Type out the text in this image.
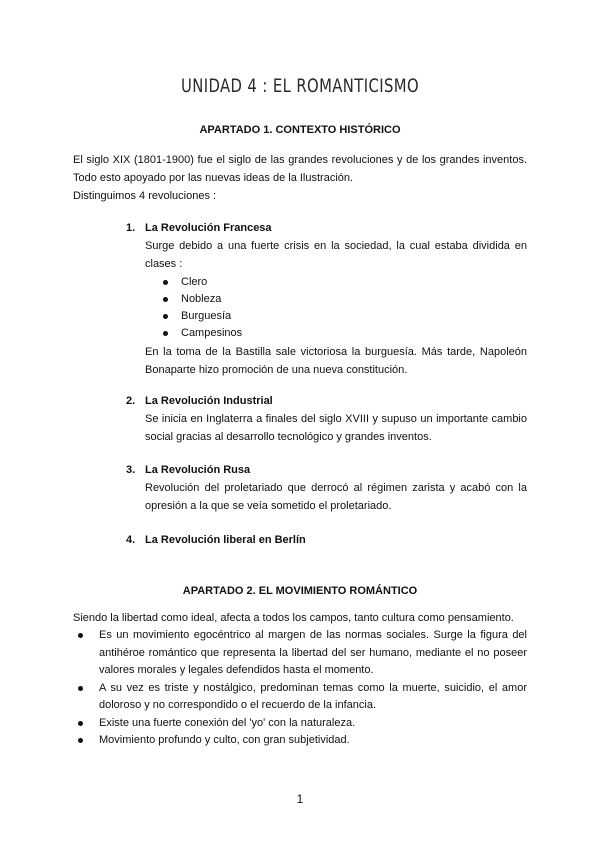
UNIDAD 4 : EL ROMANTICISMO
APARTADO 1. CONTEXTO HISTÓRICO

El siglo XIX (1801-1900) fue el siglo de las grandes revoluciones y de los grandes inventos. Todo esto apoyado por las nuevas ideas de la Ilustración.

Distinguimos 4 revoluciones :

1. La Revolución Francesa

Surge debido a una fuerte crisis en la sociedad, la cual estaba dividida en clases :

Clero
Nobleza
Burguesía
Campesinos

En la toma de la Bastilla sale victoriosa la burguesía. Más tarde, Napoleón Bonaparte hizo promoción de una nueva constitución.

2. La Revolución Industrial

Se inicia en Inglaterra a finales del siglo XVIII y supuso un importante cambio social gracias al desarrollo tecnológico y grandes inventos.

3. La Revolución Rusa

Revolución del proletariado que derrocó al régimen zarista y acabó con la opresión a la que se veía sometido el proletariado.

4. La Revolución liberal en Berlín
APARTADO 2. EL MOVIMIENTO ROMÁNTICO

Siendo la libertad como ideal, afecta a todos los campos, tanto cultura como pensamiento.

Es un movimiento egocéntrico al margen de las normas sociales. Surge la figura del antihéroe romántico que representa la libertad del ser humano, mediante el no poseer valores morales y legales defendidos hasta el momento.
A su vez es triste y nostálgico, predominan temas como la muerte, suicidio, el amor doloroso y no correspondido o el recuerdo de la infancia.
Existe una fuerte conexión del 'yo' con la naturaleza.
Movimiento profundo y culto, con gran subjetividad.
1
